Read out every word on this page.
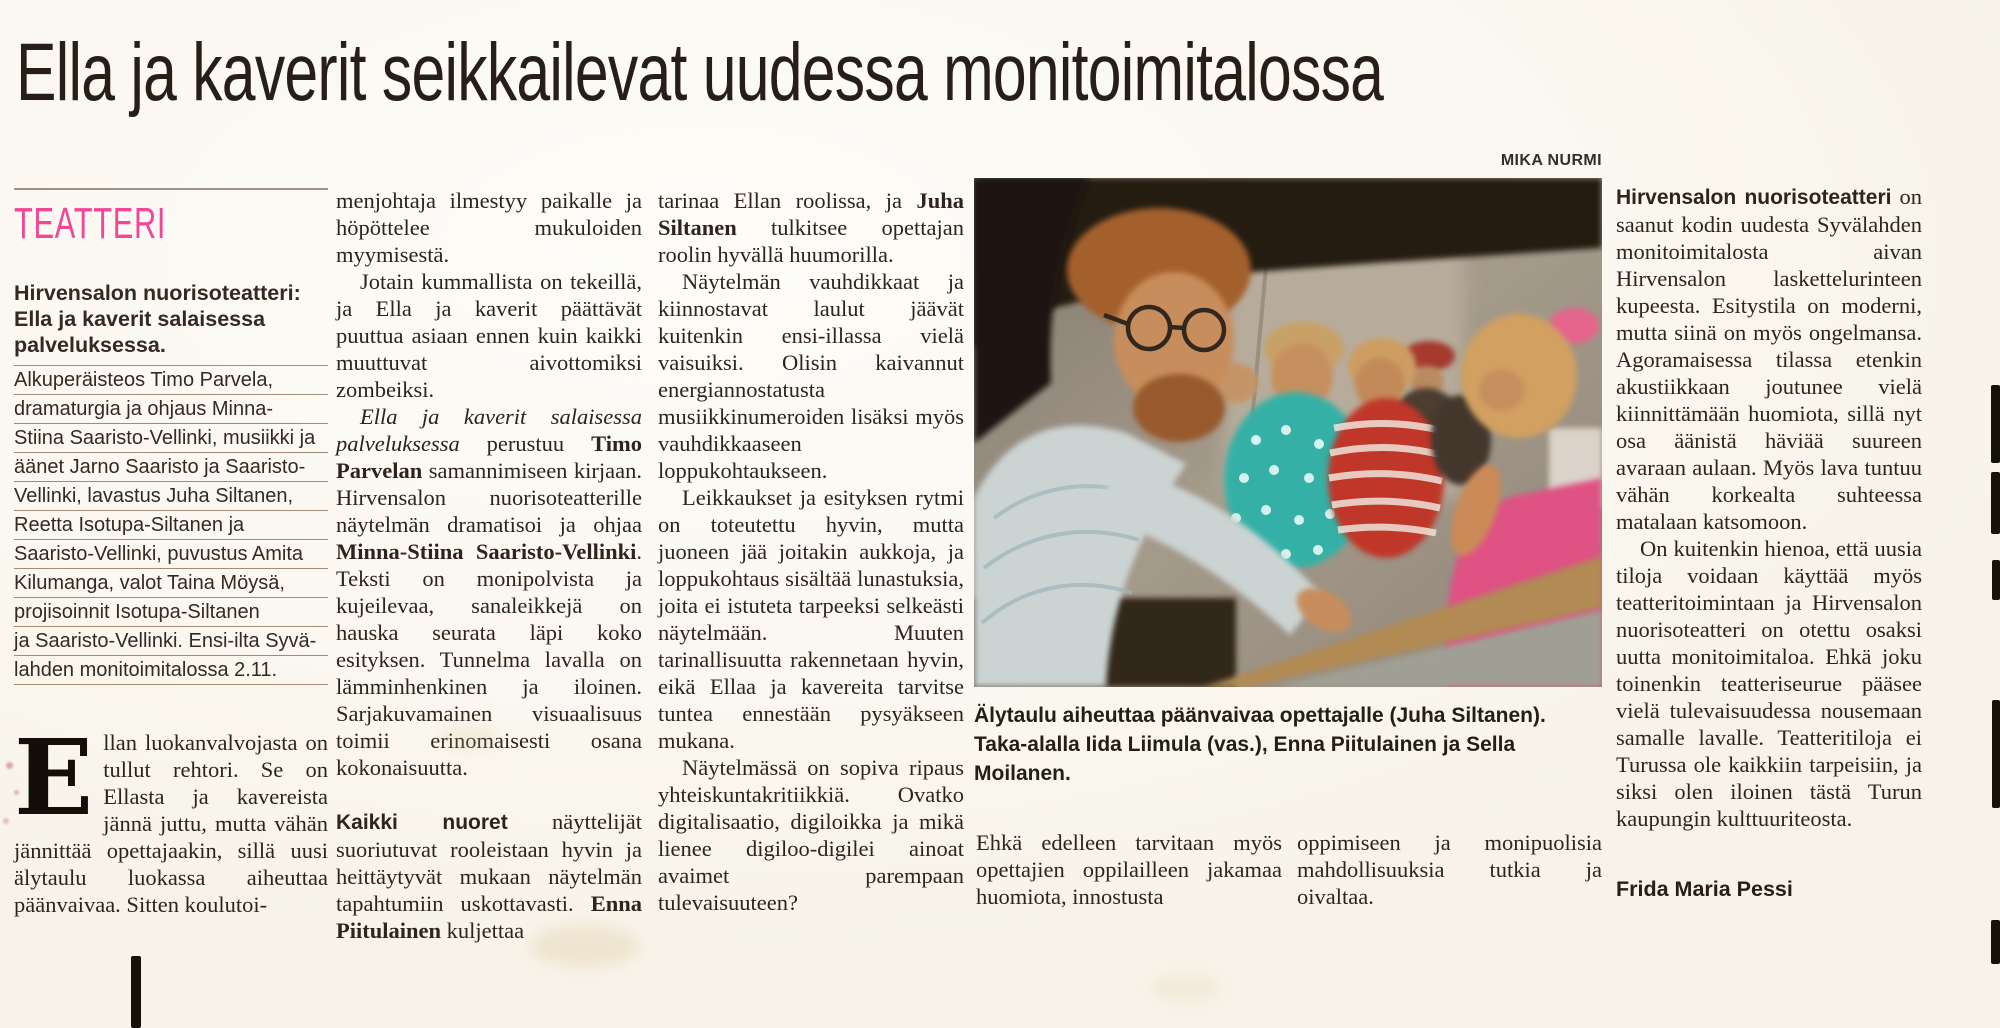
Ella ja kaverit seikkailevat uudessa monitoimitalossa
TEATTERI
Hirvensalon nuorisoteatteri:
Ella ja kaverit salaisessa
palveluksessa.
Alkuperäisteos Timo Parvela,
dramaturgia ja ohjaus Minna-
Stiina Saaristo-Vellinki, musiikki ja
äänet Jarno Saaristo ja Saaristo-
Vellinki, lavastus Juha Siltanen,
Reetta Isotupa-Siltanen ja
Saaristo-Vellinki, puvustus Amita
Kilumanga, valot Taina Möysä,
projisoinnit Isotupa-Siltanen
ja Saaristo-Vellinki. Ensi-ilta Syvä-
lahden monitoimitalossa 2.11.

Ellan luokanvalvojasta on tullut rehtori. Se on Ellasta ja kavereista jännä juttu, mutta vähän jännittää opettajaakin, sillä uusi älytaulu luokassa aiheuttaa päänvaivaa. Sitten koulutoi-

menjohtaja ilmestyy paikalle ja höpöttelee mukuloiden myymisestä.

Jotain kummallista on tekeillä, ja Ella ja kaverit päättävät puuttua asiaan ennen kuin kaikki muuttuvat aivottomiksi zombeiksi.

Ella ja kaverit salaisessa palveluksessa perustuu Timo Parvelan samannimiseen kirjaan. Hirvensalon nuorisoteatterille näytelmän dramatisoi ja ohjaa Minna-Stiina Saaristo-Vellinki. Teksti on monipolvista ja kujeilevaa, sanaleikkejä on hauska seurata läpi koko esityksen. Tunnelma lavalla on lämminhenkinen ja iloinen. Sarjakuvamainen visuaalisuus toimii erinomaisesti osana kokonaisuutta.

Kaikki nuoret näyttelijät suoriutuvat rooleistaan hyvin ja heittäytyvät mukaan näytelmän tapahtumiin uskottavasti. Enna Piitulainen kuljettaa

tarinaa Ellan roolissa, ja Juha Siltanen tulkitsee opettajan roolin hyvällä huumorilla.

Näytelmän vauhdikkaat ja kiinnostavat laulut jäävät kuitenkin ensi-illassa vielä vaisuiksi. Olisin kaivannut energiannostatusta musiikkinumeroiden lisäksi myös vauhdikkaaseen loppukohtaukseen.

Leikkaukset ja esityksen rytmi on toteutettu hyvin, mutta juoneen jää joitakin aukkoja, ja loppukohtaus sisältää lunastuksia, joita ei istuteta tarpeeksi selkeästi näytelmään. Muuten tarinallisuutta rakennetaan hyvin, eikä Ellaa ja kavereita tarvitse tuntea ennestään pysyäkseen mukana.

Näytelmässä on sopiva ripaus yhteiskuntakritiikkiä. Ovatko digitalisaatio, digiloikka ja mikä lienee digiloo-digilei ainoat avaimet parempaan tulevaisuuteen?

Ehkä edelleen tarvitaan myös opettajien oppilailleen jakamaa huomiota, innostusta

oppimiseen ja monipuolisia mahdollisuuksia tutkia ja oivaltaa.

Hirvensalon nuorisoteatteri on saanut kodin uudesta Syvälahden monitoimitalosta aivan Hirvensalon laskettelurinteen kupeesta. Esitystila on moderni, mutta siinä on myös ongelmansa. Agoramaisessa tilassa etenkin akustiikkaan joutunee vielä kiinnittämään huomiota, sillä nyt osa äänistä häviää suureen avaraan aulaan. Myös lava tuntuu vähän korkealta suhteessa matalaan katsomoon.

On kuitenkin hienoa, että uusia tiloja voidaan käyttää myös teatteritoimintaan ja Hirvensalon nuorisoteatteri on otettu osaksi uutta monitoimitaloa. Ehkä joku toinenkin teatteriseurue pääsee vielä tulevaisuudessa nousemaan samalle lavalle. Teatteritiloja ei Turussa ole kaikkiin tarpeisiin, ja siksi olen iloinen tästä Turun kaupungin kulttuuriteosta.

Frida Maria Pessi
MIKA NURMI
Älytaulu aiheuttaa päänvaivaa opettajalle (Juha Siltanen).
Taka-alalla Iida Liimula (vas.), Enna Piitulainen ja Sella Moilanen.
